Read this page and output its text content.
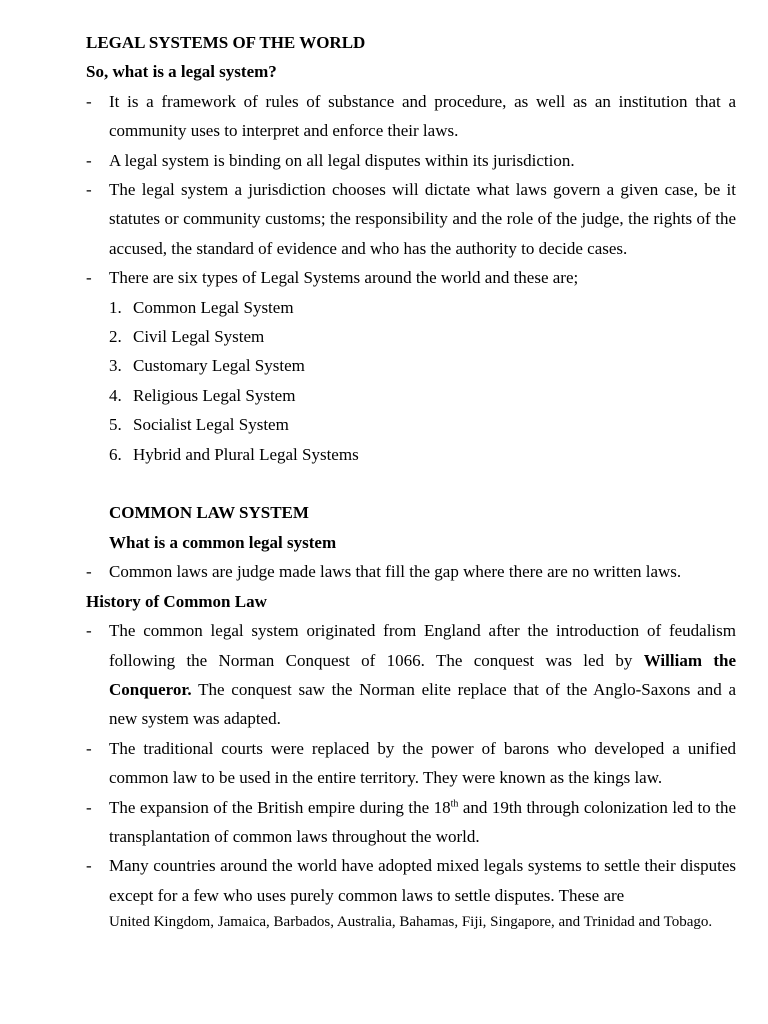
LEGAL SYSTEMS OF THE WORLD

So, what is a legal system?

-	It is a framework of rules of substance and procedure, as well as an institution that a community uses to interpret and enforce their laws.
-	A legal system is binding on all legal disputes within its jurisdiction.
-	The legal system a jurisdiction chooses will dictate what laws govern a given case, be it statutes or community customs; the responsibility and the role of the judge, the rights of the accused, the standard of evidence and who has the authority to decide cases.
-	There are six types of Legal Systems around the world and these are;
1. Common Legal System
2. Civil Legal System
3. Customary Legal System
4. Religious Legal System
5. Socialist Legal System
6. Hybrid and Plural Legal Systems

COMMON LAW SYSTEM

What is a common legal system

-	Common laws are judge made laws that fill the gap where there are no written laws.

History of Common Law

-	The common legal system originated from England after the introduction of feudalism following the Norman Conquest of 1066. The conquest was led by William the Conqueror. The conquest saw the Norman elite replace that of the Anglo-Saxons and a new system was adapted.
-	The traditional courts were replaced by the power of barons who developed a unified common law to be used in the entire territory. They were known as the kings law.
-	The expansion of the British empire during the 18th and 19th through colonization led to the transplantation of common laws throughout the world.
-	Many countries around the world have adopted mixed legals systems to settle their disputes except for a few who uses purely common laws to settle disputes. These are
United Kingdom, Jamaica, Barbados, Australia, Bahamas, Fiji, Singapore, and Trinidad and Tobago.
